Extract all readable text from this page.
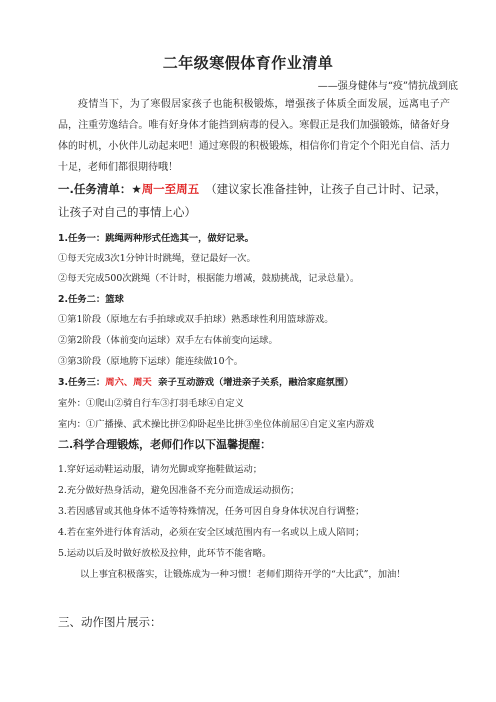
二年级寒假体育作业清单
——强身健体与“疫”情抗战到底
疫情当下，为了寒假居家孩子也能积极锻炼，增强孩子体质全面发展，远离电子产品，注重劳逸结合。唯有好身体才能挡到病毒的侵入。寒假正是我们加强锻炼，储备好身体的时机，小伙伴儿动起来吧！通过寒假的积极锻炼，相信你们肯定个个阳光自信、活力十足，老师们都很期待哦！
一.任务清单：★周一至周五 （建议家长准备挂钟，让孩子自己计时、记录，
让孩子对自己的事情上心）
1.任务一：跳绳两种形式任选其一，做好记录。
①每天完成3次1分钟计时跳绳，登记最好一次。
②每天完成500次跳绳（不计时，根据能力增减，鼓励挑战，记录总量）。
2.任务二：篮球
①第1阶段（原地左右手拍球或双手拍球）熟悉球性利用篮球游戏。
②第2阶段（体前变向运球）双手左右体前变向运球。
③第3阶段（原地胯下运球）能连续做10个。
3.任务三：周六、周天  亲子互动游戏（增进亲子关系，融洽家庭氛围）
室外：①爬山②骑自行车③打羽毛球④自定义
室内：①广播操、武术操比拼②仰卧起坐比拼③坐位体前屈④自定义室内游戏
二.科学合理锻炼，老师们作以下温馨提醒：
1.穿好运动鞋运动服，请勿光脚或穿拖鞋做运动；
2.充分做好热身活动，避免因准备不充分而造成运动损伤；
3.若因感冒或其他身体不适等特殊情况，任务可因自身身体状况自行调整；
4.若在室外进行体育活动，必须在安全区域范围内有一名或以上成人陪同；
5.运动以后及时做好放松及拉伸，此环节不能省略。
以上事宜积极落实，让锻炼成为一种习惯！老师们期待开学的“大比武”，加油！
三、动作图片展示：
